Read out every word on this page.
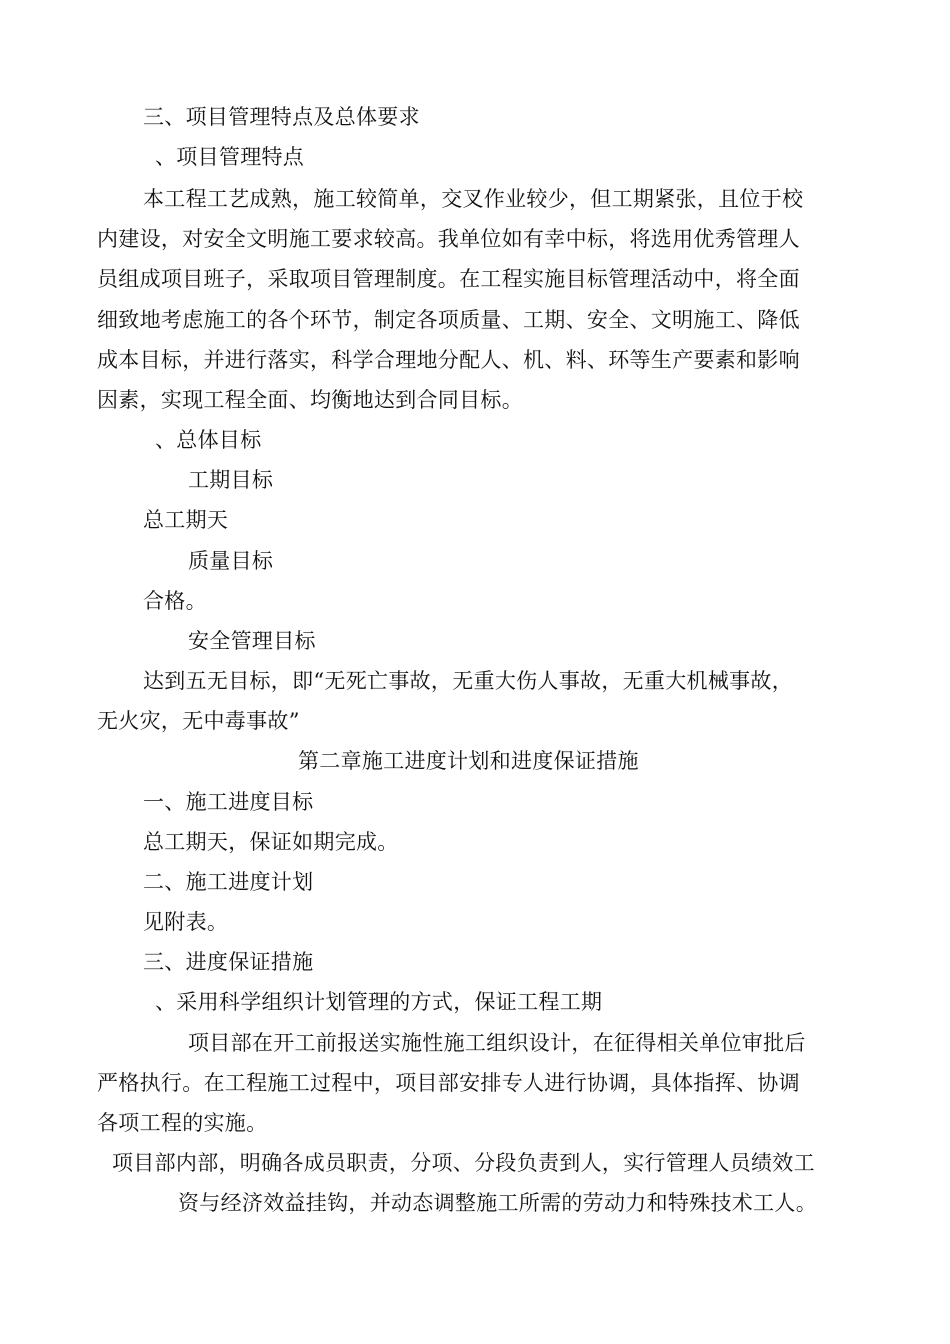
三、项目管理特点及总体要求

、项目管理特点

本工程工艺成熟，施工较简单，交叉作业较少，但工期紧张，且位于校

内建设，对安全文明施工要求较高。我单位如有幸中标，将选用优秀管理人

员组成项目班子，采取项目管理制度。在工程实施目标管理活动中，将全面

细致地考虑施工的各个环节，制定各项质量、工期、安全、文明施工、降低

成本目标，并进行落实，科学合理地分配人、机、料、环等生产要素和影响

因素，实现工程全面、均衡地达到合同目标。

、总体目标

工期目标

总工期天

质量目标

合格。

安全管理目标

达到五无目标，即“无死亡事故，无重大伤人事故，无重大机械事故，

无火灾，无中毒事故”

第二章施工进度计划和进度保证措施

一、施工进度目标

总工期天，保证如期完成。

二、施工进度计划

见附表。

三、进度保证措施

、采用科学组织计划管理的方式，保证工程工期

项目部在开工前报送实施性施工组织设计，在征得相关单位审批后

严格执行。在工程施工过程中，项目部安排专人进行协调，具体指挥、协调

各项工程的实施。

项目部内部，明确各成员职责，分项、分段负责到人，实行管理人员绩效工

资与经济效益挂钩，并动态调整施工所需的劳动力和特殊技术工人。
